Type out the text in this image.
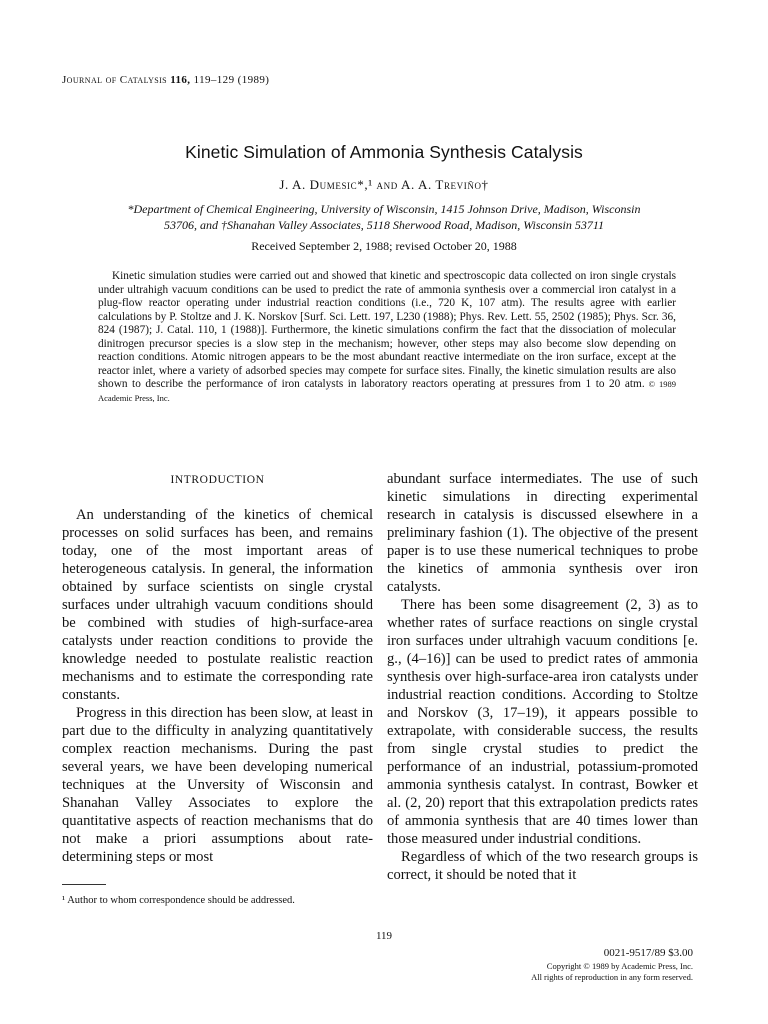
Journal of Catalysis 116, 119–129 (1989)
Kinetic Simulation of Ammonia Synthesis Catalysis
J. A. Dumesic*,¹ and A. A. Treviño†
*Department of Chemical Engineering, University of Wisconsin, 1415 Johnson Drive, Madison, Wisconsin
53706, and †Shanahan Valley Associates, 5118 Sherwood Road, Madison, Wisconsin 53711
Received September 2, 1988; revised October 20, 1988
Kinetic simulation studies were carried out and showed that kinetic and spectroscopic data collected on iron single crystals under ultrahigh vacuum conditions can be used to predict the rate of ammonia synthesis over a commercial iron catalyst in a plug-flow reactor operating under industrial reaction conditions (i.e., 720 K, 107 atm). The results agree with earlier calculations by P. Stoltze and J. K. Norskov [Surf. Sci. Lett. 197, L230 (1988); Phys. Rev. Lett. 55, 2502 (1985); Phys. Scr. 36, 824 (1987); J. Catal. 110, 1 (1988)]. Furthermore, the kinetic simulations confirm the fact that the dissociation of molecular dinitrogen precursor species is a slow step in the mechanism; however, other steps may also become slow depending on reaction conditions. Atomic nitrogen appears to be the most abundant reactive intermediate on the iron surface, except at the reactor inlet, where a variety of adsorbed species may compete for surface sites. Finally, the kinetic simulation results are also shown to describe the performance of iron catalysts in laboratory reactors operating at pressures from 1 to 20 atm. © 1989 Academic Press, Inc.
INTRODUCTION

An understanding of the kinetics of chemical processes on solid surfaces has been, and remains today, one of the most important areas of heterogeneous catalysis. In general, the information obtained by surface scientists on single crystal surfaces under ultrahigh vacuum conditions should be combined with studies of high-surface-area catalysts under reaction conditions to provide the knowledge needed to postulate realistic reaction mechanisms and to estimate the corresponding rate constants.

Progress in this direction has been slow, at least in part due to the difficulty in analyzing quantitatively complex reaction mechanisms. During the past several years, we have been developing numerical techniques at the Unversity of Wisconsin and Shanahan Valley Associates to explore the quantitative aspects of reaction mechanisms that do not make a priori assumptions about rate-determining steps or most

abundant surface intermediates. The use of such kinetic simulations in directing experimental research in catalysis is discussed elsewhere in a preliminary fashion (1). The objective of the present paper is to use these numerical techniques to probe the kinetics of ammonia synthesis over iron catalysts.

There has been some disagreement (2, 3) as to whether rates of surface reactions on single crystal iron surfaces under ultrahigh vacuum conditions [e. g., (4–16)] can be used to predict rates of ammonia synthesis over high-surface-area iron catalysts under industrial reaction conditions. According to Stoltze and Norskov (3, 17–19), it appears possible to extrapolate, with considerable success, the results from single crystal studies to predict the performance of an industrial, potassium-promoted ammonia synthesis catalyst. In contrast, Bowker et al. (2, 20) report that this extrapolation predicts rates of ammonia synthesis that are 40 times lower than those measured under industrial conditions.

Regardless of which of the two research groups is correct, it should be noted that it

¹ Author to whom correspondence should be addressed.
119
0021-9517/89 $3.00
Copyright © 1989 by Academic Press, Inc.
All rights of reproduction in any form reserved.
